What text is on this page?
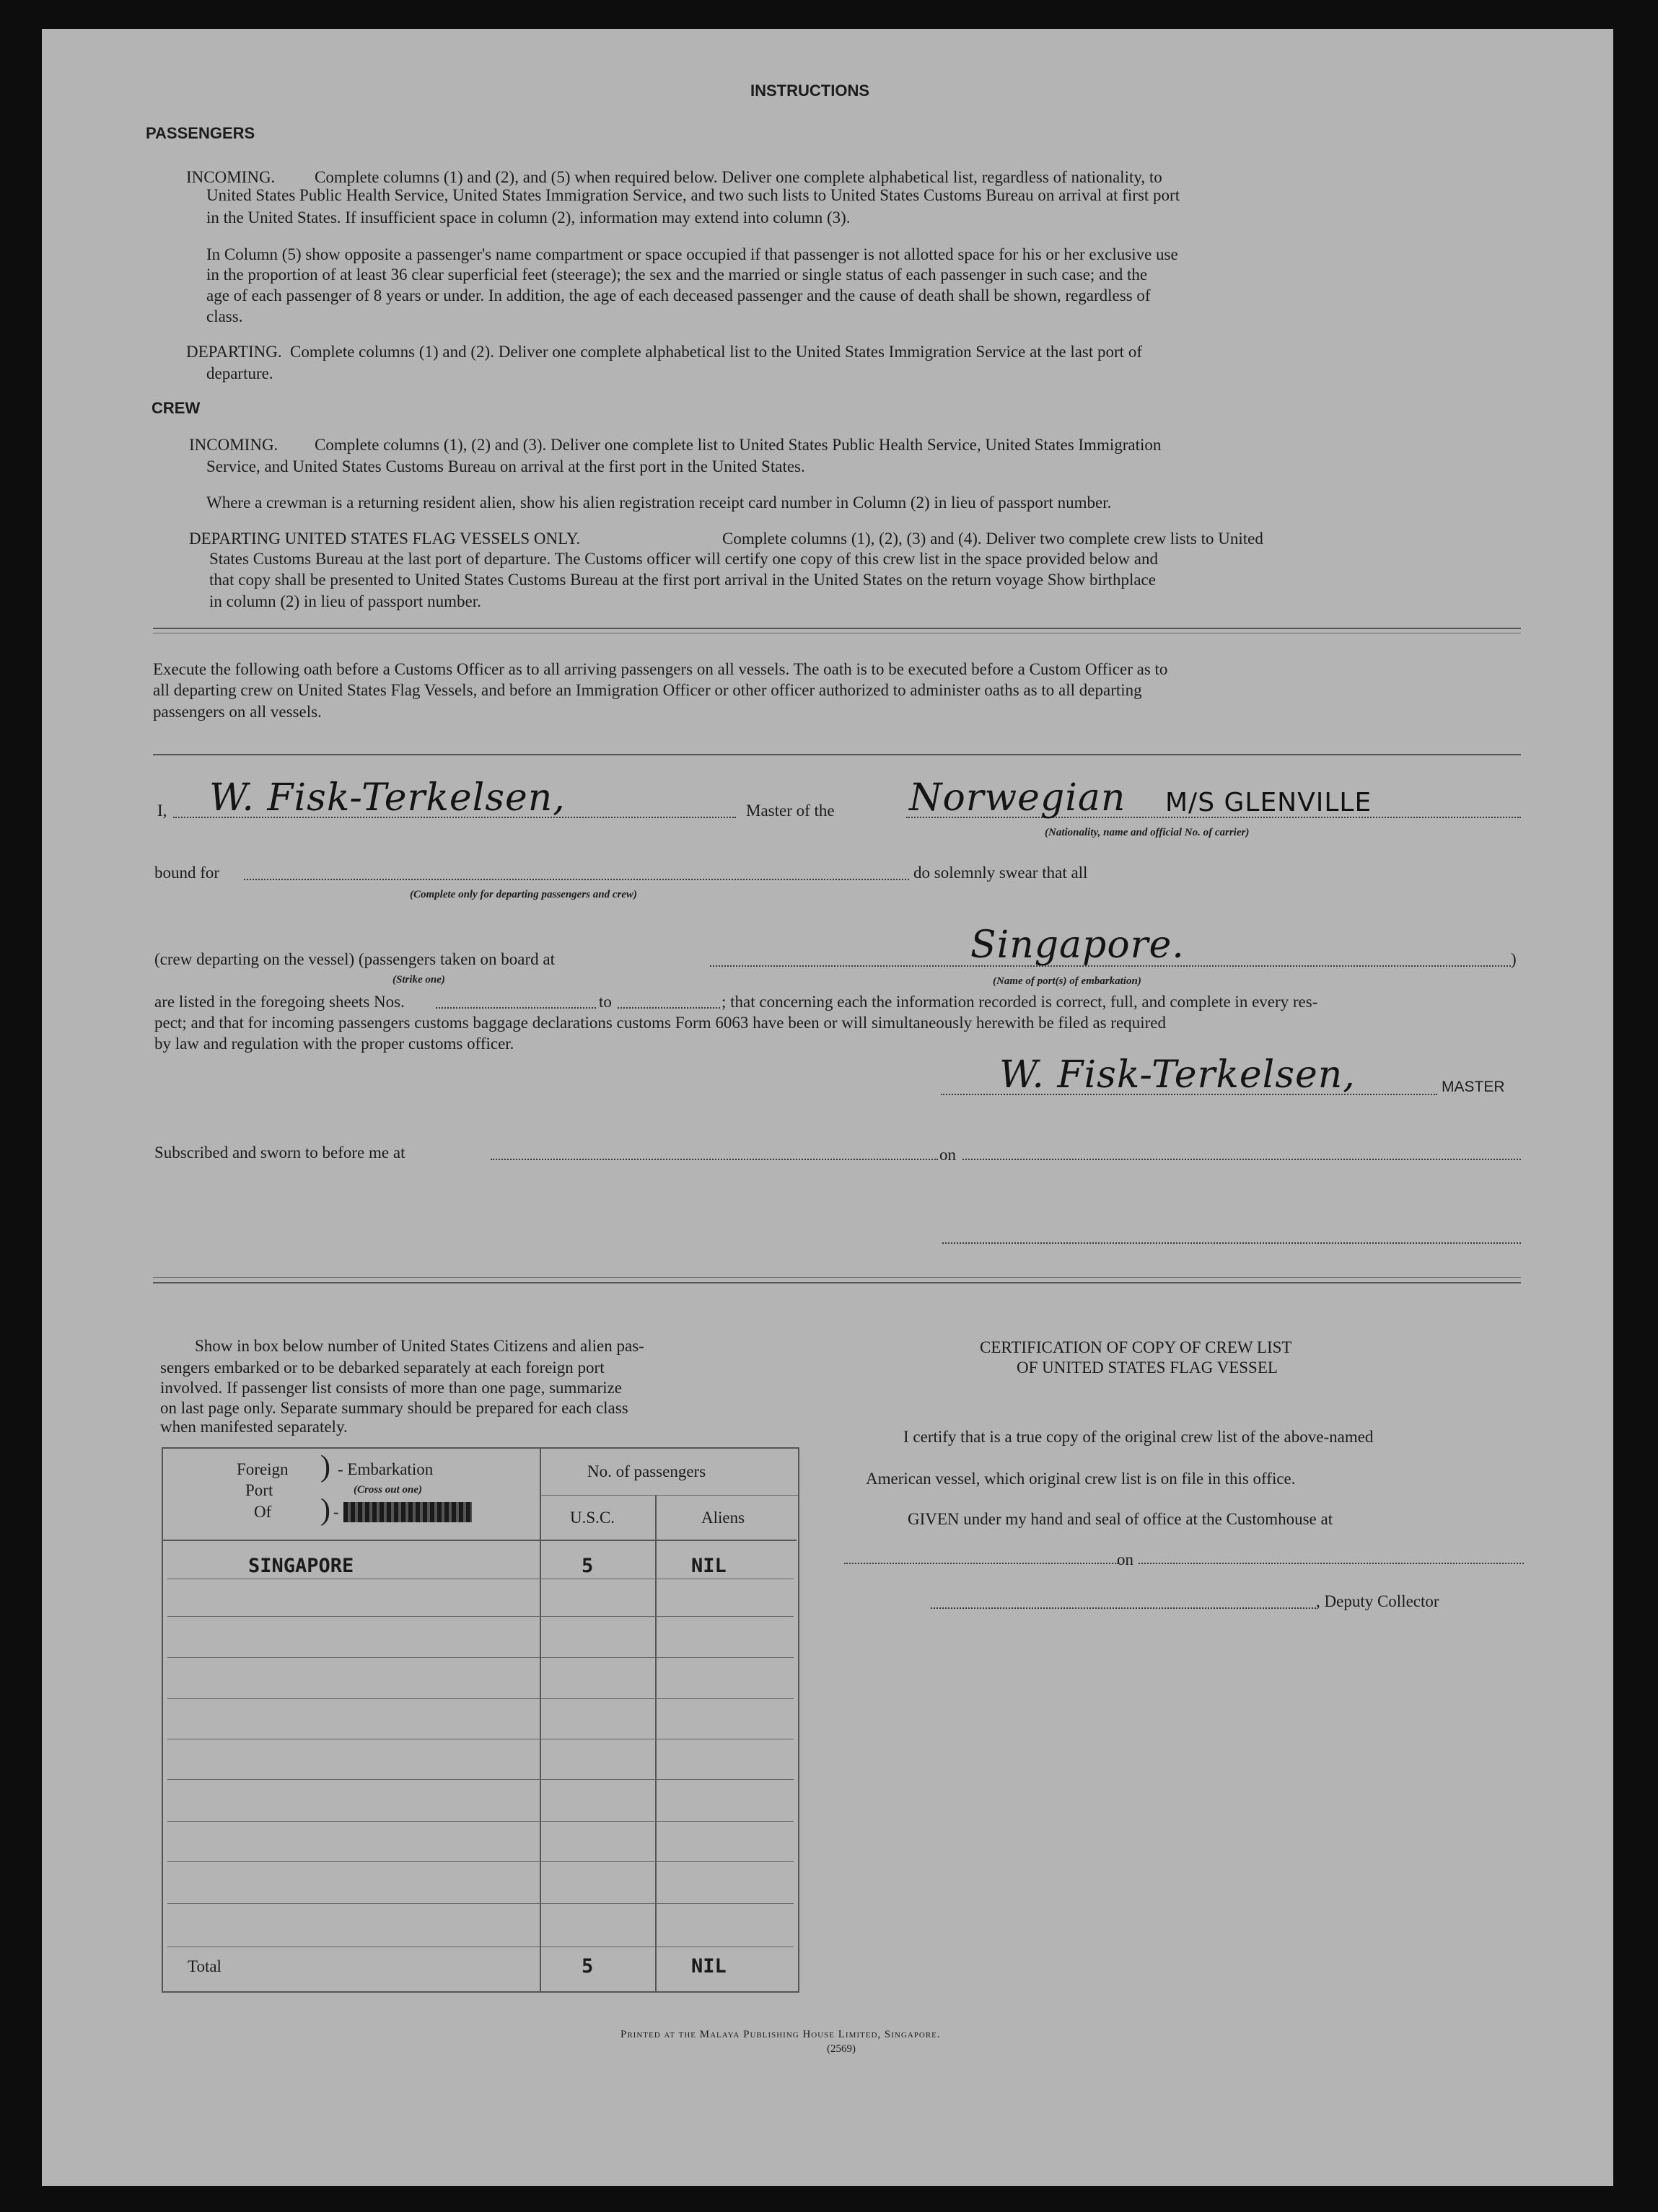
INSTRUCTIONS
PASSENGERS
INCOMING. Complete columns (1) and (2), and (5) when required below. Deliver one complete alphabetical list, regardless of nationality, to
United States Public Health Service, United States Immigration Service, and two such lists to United States Customs Bureau on arrival at first port
in the United States. If insufficient space in column (2), information may extend into column (3).
In Column (5) show opposite a passenger's name compartment or space occupied if that passenger is not allotted space for his or her exclusive use
in the proportion of at least 36 clear superficial feet (steerage); the sex and the married or single status of each passenger in such case; and the
age of each passenger of 8 years or under. In addition, the age of each deceased passenger and the cause of death shall be shown, regardless of
class.
DEPARTING. Complete columns (1) and (2). Deliver one complete alphabetical list to the United States Immigration Service at the last port of
departure.
CREW
INCOMING. Complete columns (1), (2) and (3). Deliver one complete list to United States Public Health Service, United States Immigration
Service, and United States Customs Bureau on arrival at the first port in the United States.
Where a crewman is a returning resident alien, show his alien registration receipt card number in Column (2) in lieu of passport number.
DEPARTING UNITED STATES FLAG VESSELS ONLY.	Complete columns (1), (2), (3) and (4). Deliver two complete crew lists to United
States Customs Bureau at the last port of departure. The Customs officer will certify one copy of this crew list in the space provided below and
that copy shall be presented to United States Customs Bureau at the first port arrival in the United States on the return voyage Show birthplace
in column (2) in lieu of passport number.
Execute the following oath before a Customs Officer as to all arriving passengers on all vessels. The oath is to be executed before a Custom Officer as to
all departing crew on United States Flag Vessels, and before an Immigration Officer or other officer authorized to administer oaths as to all departing
passengers on all vessels.
I, W. Fisk-Terkelsen,	Master of the Norwegian M/S GLENVILLE
(Nationality, name and official No. of carrier)
bound for
(Complete only for departing passengers and crew)
do solemnly swear that all
(crew departing on the vessel) (passengers taken on board at
(Strike one)
Singapore.	)
(Name of port(s) of embarkation)
are listed in the foregoing sheets Nos.	to	; that concerning each the information recorded is correct, full, and complete in every res-
pect; and that for incoming passengers customs baggage declarations customs Form 6063 have been or will simultaneously herewith be filed as required
by law and regulation with the proper customs officer.
W. Fisk-Terkelsen,	MASTER
Subscribed and sworn to before me at	on
Show in box below number of United States Citizens and alien pas-
sengers embarked or to be debarked separately at each foreign port
involved. If passenger list consists of more than one page, summarize
on last page only. Separate summary should be prepared for each class
when manifested separately.
Foreign
Port
Of
)
)
- Embarkation
(Cross out one)
-
No. of passengers
U.S.C.	Aliens
SINGAPORE	5	NIL
Total	5	NIL
CERTIFICATION OF COPY OF CREW LIST
OF UNITED STATES FLAG VESSEL
I certify that is a true copy of the original crew list of the above-named
American vessel, which original crew list is on file in this office.
GIVEN under my hand and seal of office at the Customhouse at
on
, Deputy Collector
Printed at the Malaya Publishing House Limited, Singapore.
(2569)
